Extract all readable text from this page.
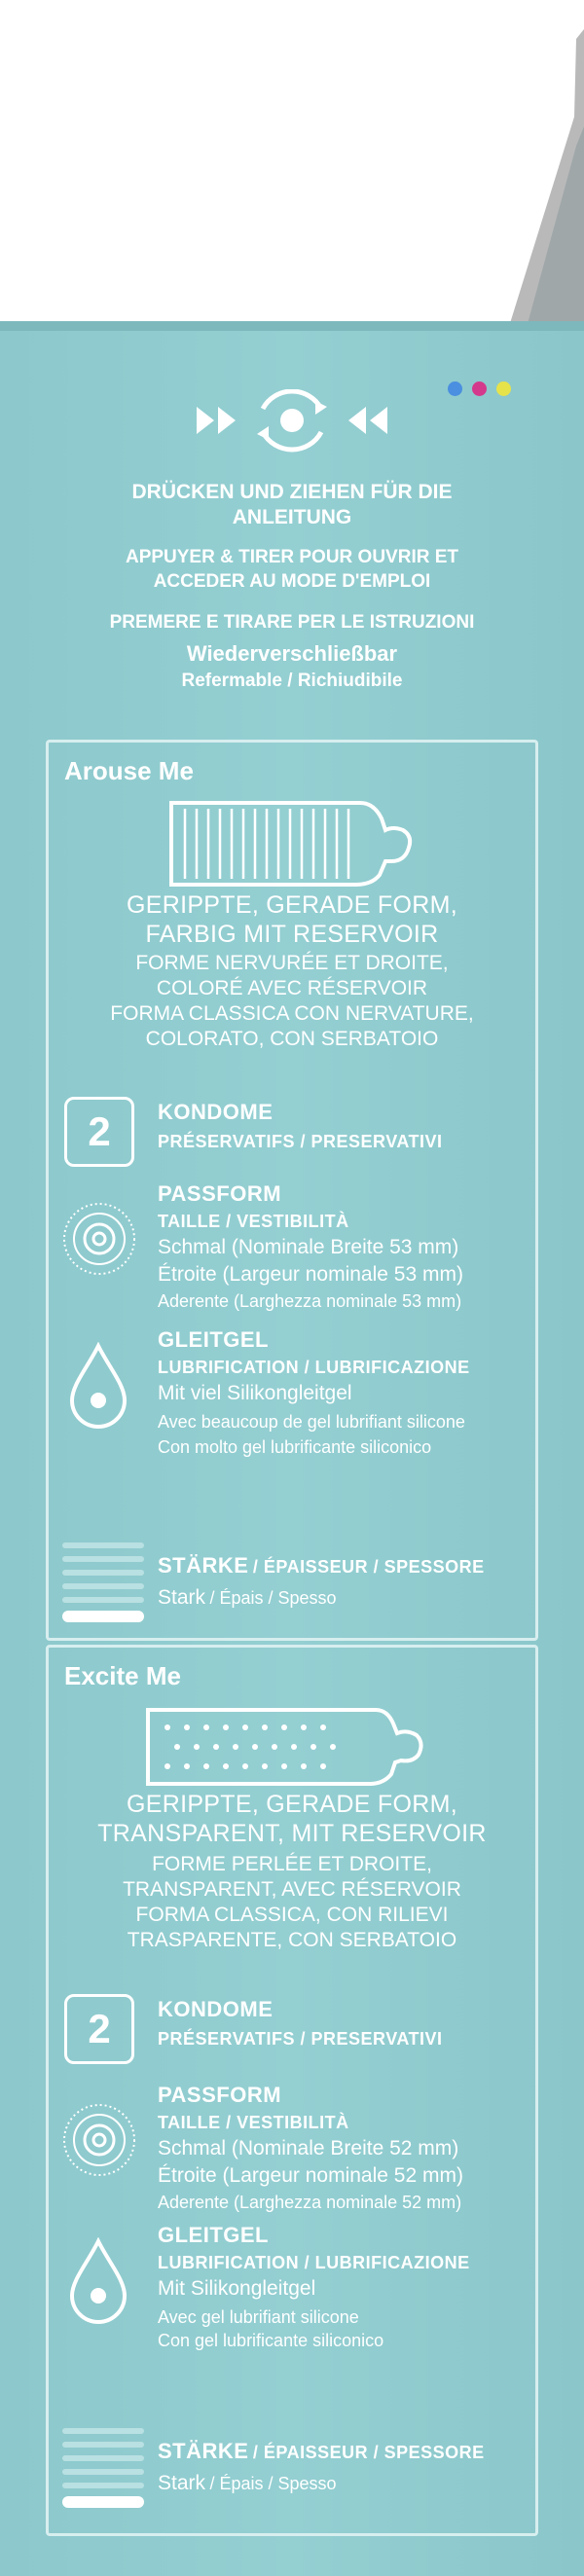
DRÜCKEN UND ZIEHEN FÜR DIE ANLEITUNG
APPUYER & TIRER POUR OUVRIR ET ACCEDER AU MODE D'EMPLOI
PREMERE E TIRARE PER LE ISTRUZIONI
Wiederverschließbar
Refermable / Richiudibile
Arouse Me
GERIPPTE, GERADE FORM, FARBIG MIT RESERVOIR
FORME NERVURÉE ET DROITE, COLORÉ AVEC RÉSERVOIR
FORMA CLASSICA CON NERVATURE, COLORATO, CON SERBATOIO
2	KONDOME
PRÉSERVATIFS / PRESERVATIVI
PASSFORM
TAILLE / VESTIBILITÀ
Schmal (Nominale Breite 53 mm)
Étroite (Largeur nominale 53 mm)
Aderente (Larghezza nominale 53 mm)
GLEITGEL
LUBRIFICATION / LUBRIFICAZIONE
Mit viel Silikongleitgel
Avec beaucoup de gel lubrifiant silicone
Con molto gel lubrificante siliconico
STÄRKE / ÉPAISSEUR / SPESSORE
Stark / Épais / Spesso
Excite Me
GERIPPTE, GERADE FORM, TRANSPARENT, MIT RESERVOIR
FORME PERLÉE ET DROITE, TRANSPARENT, AVEC RÉSERVOIR
FORMA CLASSICA, CON RILIEVI TRASPARENTE, CON SERBATOIO
2	KONDOME
PRÉSERVATIFS / PRESERVATIVI
PASSFORM
TAILLE / VESTIBILITÀ
Schmal (Nominale Breite 52 mm)
Étroite (Largeur nominale 52 mm)
Aderente (Larghezza nominale 52 mm)
GLEITGEL
LUBRIFICATION / LUBRIFICAZIONE
Mit Silikongleitgel
Avec gel lubrifiant silicone
Con gel lubrificante siliconico
STÄRKE / ÉPAISSEUR / SPESSORE
Stark / Épais / Spesso
